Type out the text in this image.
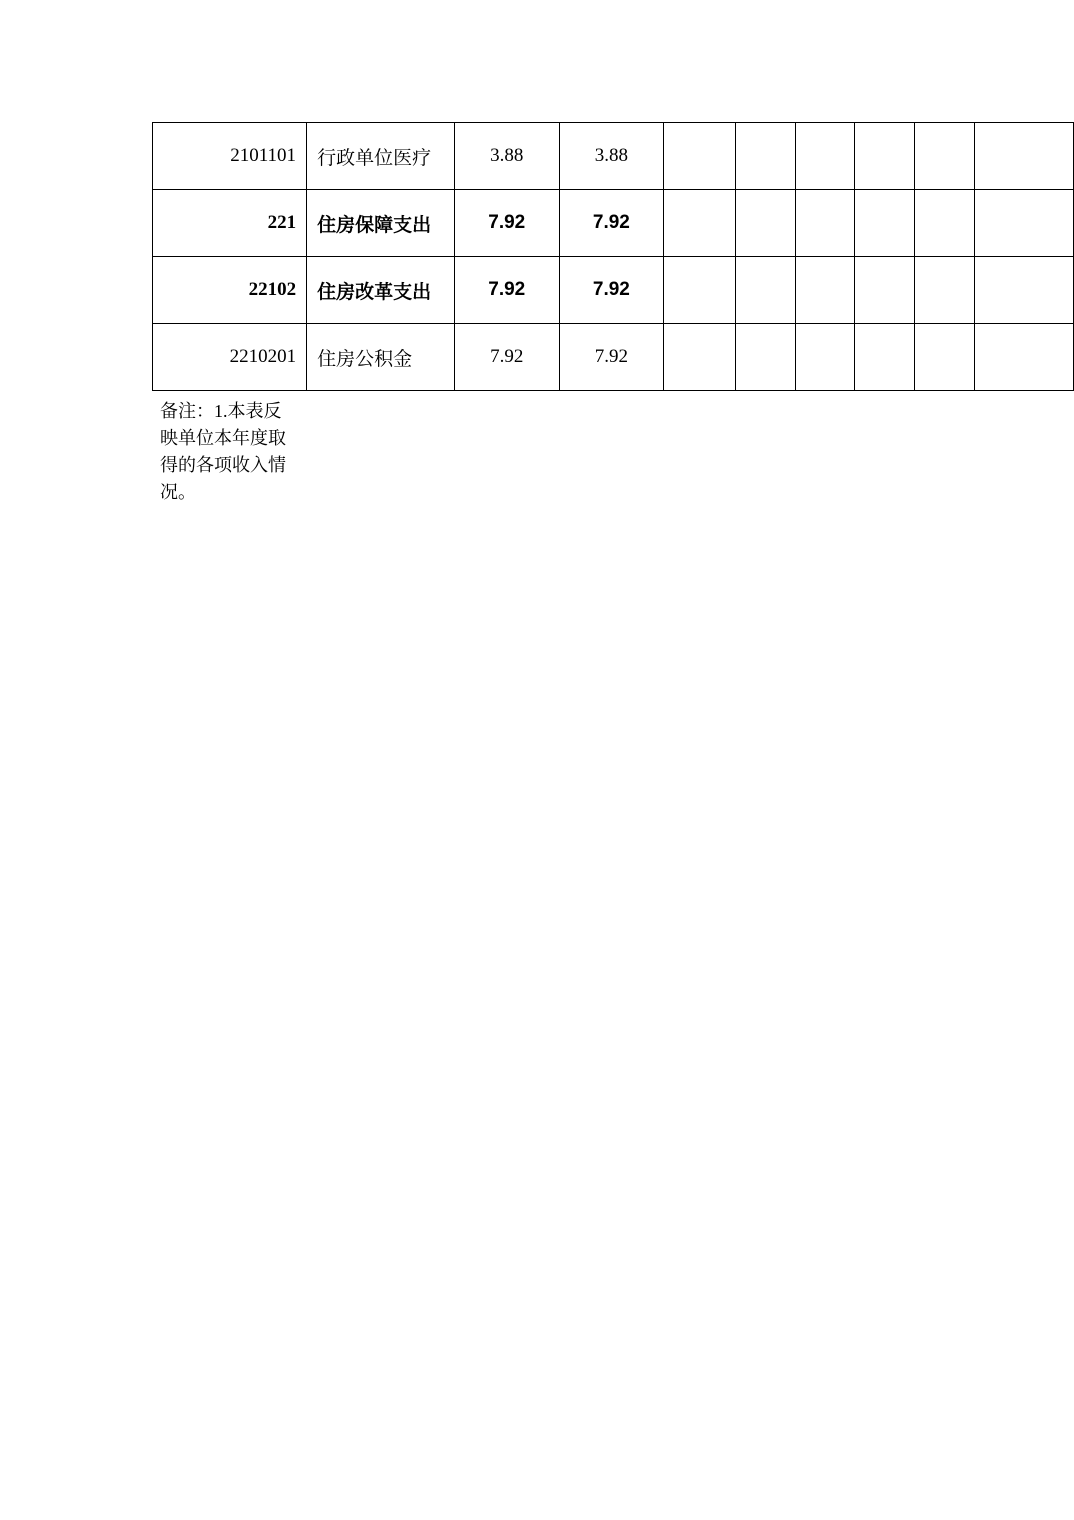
2101101	行政单位医疗	3.88	3.88						
221	住房保障支出	7.92	7.92						
22102	住房改革支出	7.92	7.92						
2210201	住房公积金	7.92	7.92						
备注：1.本表反映单位本年度取得的各项收入情况。
